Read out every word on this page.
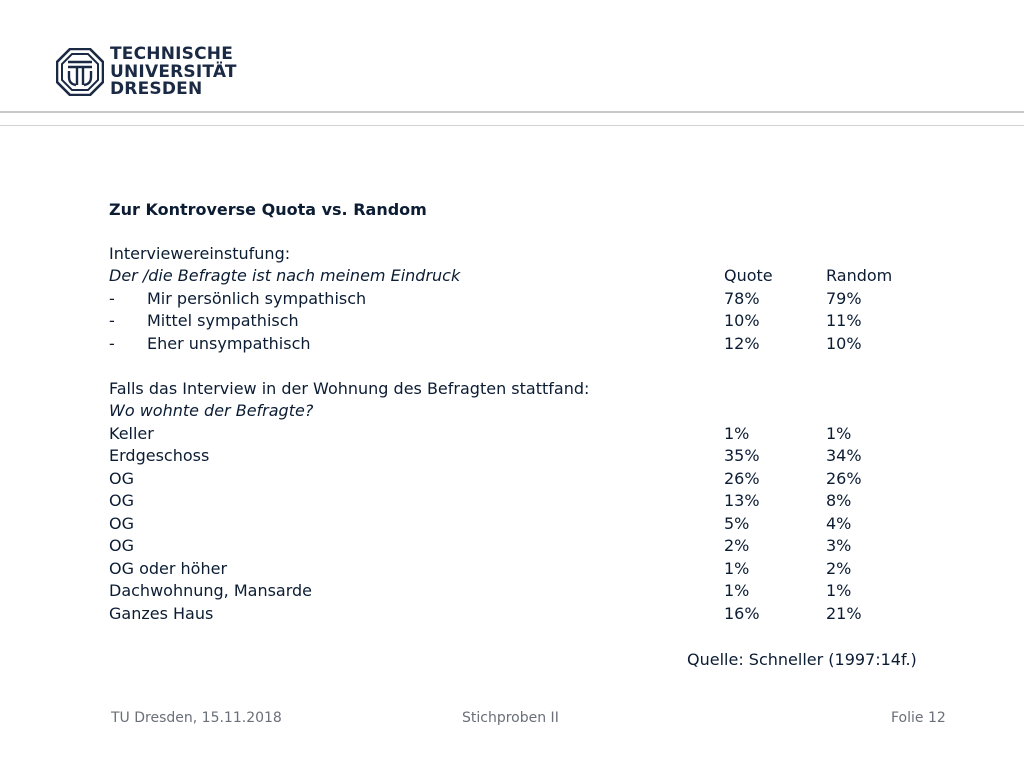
TECHNISCHE
UNIVERSITÄT
DRESDEN
Zur Kontroverse Quota vs. Random
Interviewereinstufung:
Der /die Befragte ist nach meinem Eindruck	Quote	Random
- Mir persönlich sympathisch	78%	79%
- Mittel sympathisch	10%	11%
- Eher unsympathisch	12%	10%
Falls das Interview in der Wohnung des Befragten stattfand:
Wo wohnte der Befragte?
Keller	1%	1%
Erdgeschoss	35%	34%
OG	26%	26%
OG	13%	8%
OG	5%	4%
OG	2%	3%
OG oder höher	1%	2%
Dachwohnung, Mansarde	1%	1%
Ganzes Haus	16%	21%
Quelle: Schneller (1997:14f.)
TU Dresden, 15.11.2018	Stichproben II	Folie 12
